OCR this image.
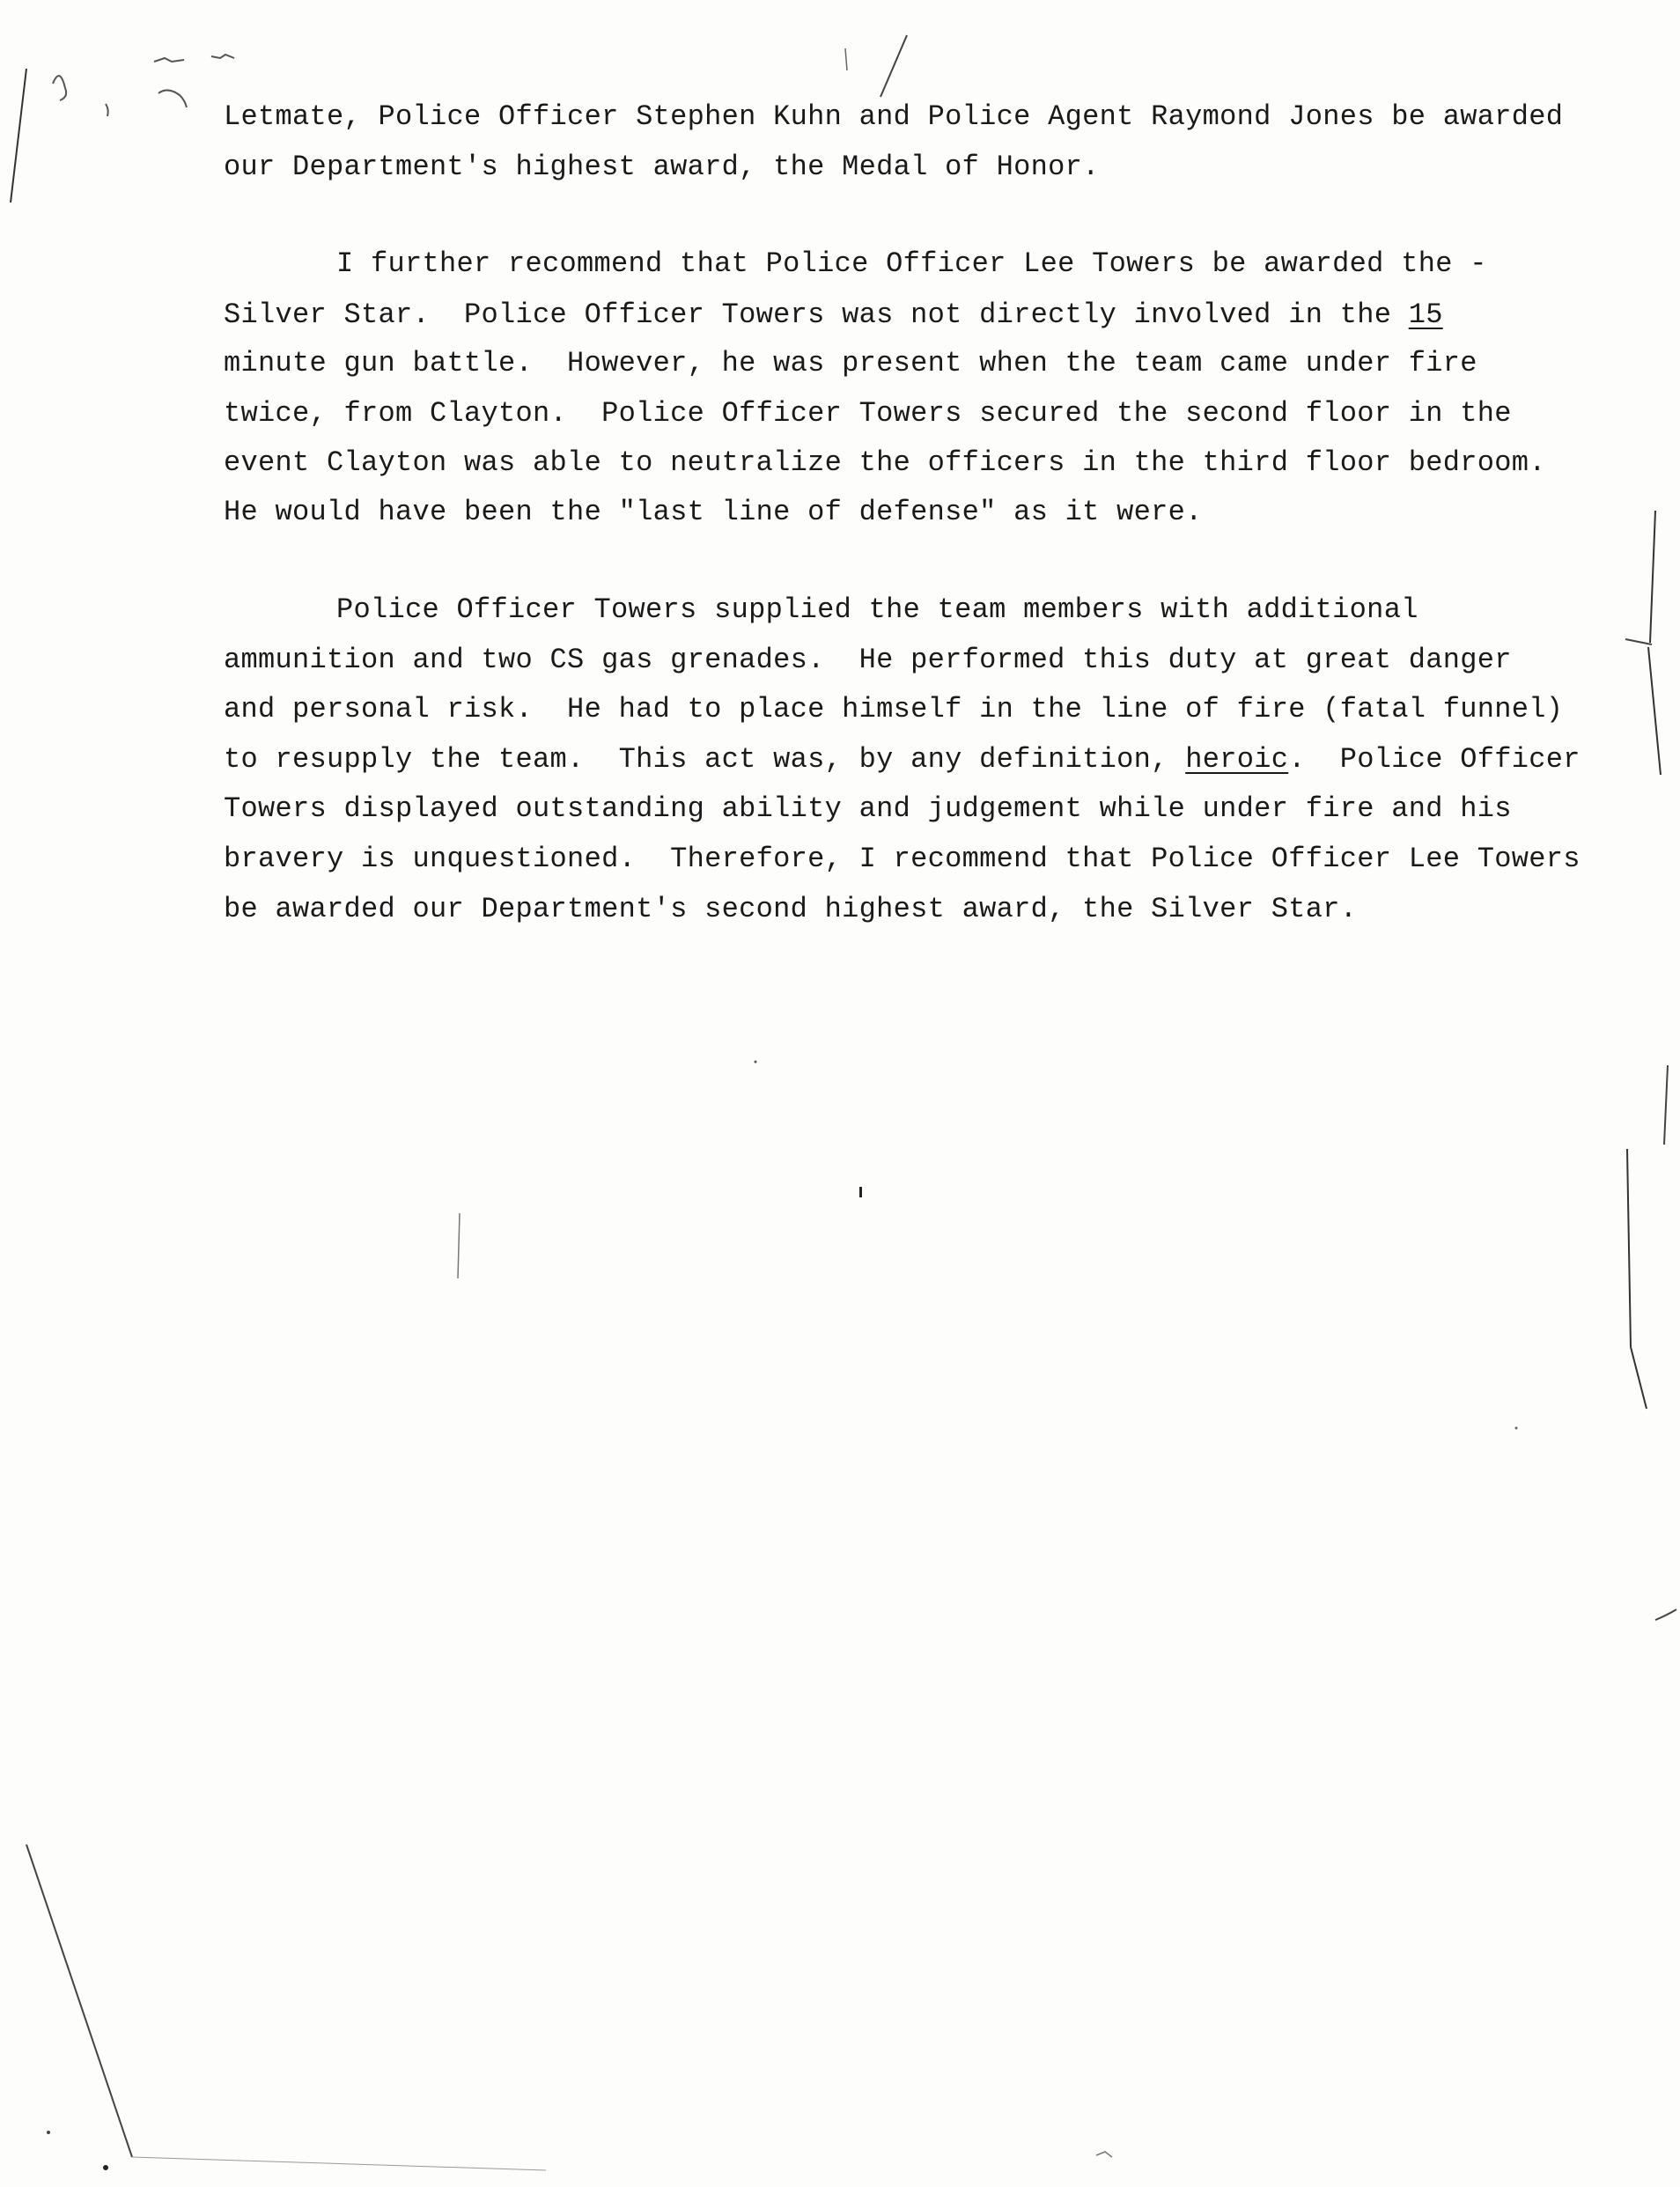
Letmate, Police Officer Stephen Kuhn and Police Agent Raymond Jones be awarded
our Department's highest award, the Medal of Honor.
I further recommend that Police Officer Lee Towers be awarded the -
Silver Star.  Police Officer Towers was not directly involved in the 15
minute gun battle.  However, he was present when the team came under fire
twice, from Clayton.  Police Officer Towers secured the second floor in the
event Clayton was able to neutralize the officers in the third floor bedroom.
He would have been the "last line of defense" as it were.
Police Officer Towers supplied the team members with additional
ammunition and two CS gas grenades.  He performed this duty at great danger
and personal risk.  He had to place himself in the line of fire (fatal funnel)
to resupply the team.  This act was, by any definition, heroic.  Police Officer
Towers displayed outstanding ability and judgement while under fire and his
bravery is unquestioned.  Therefore, I recommend that Police Officer Lee Towers
be awarded our Department's second highest award, the Silver Star.
